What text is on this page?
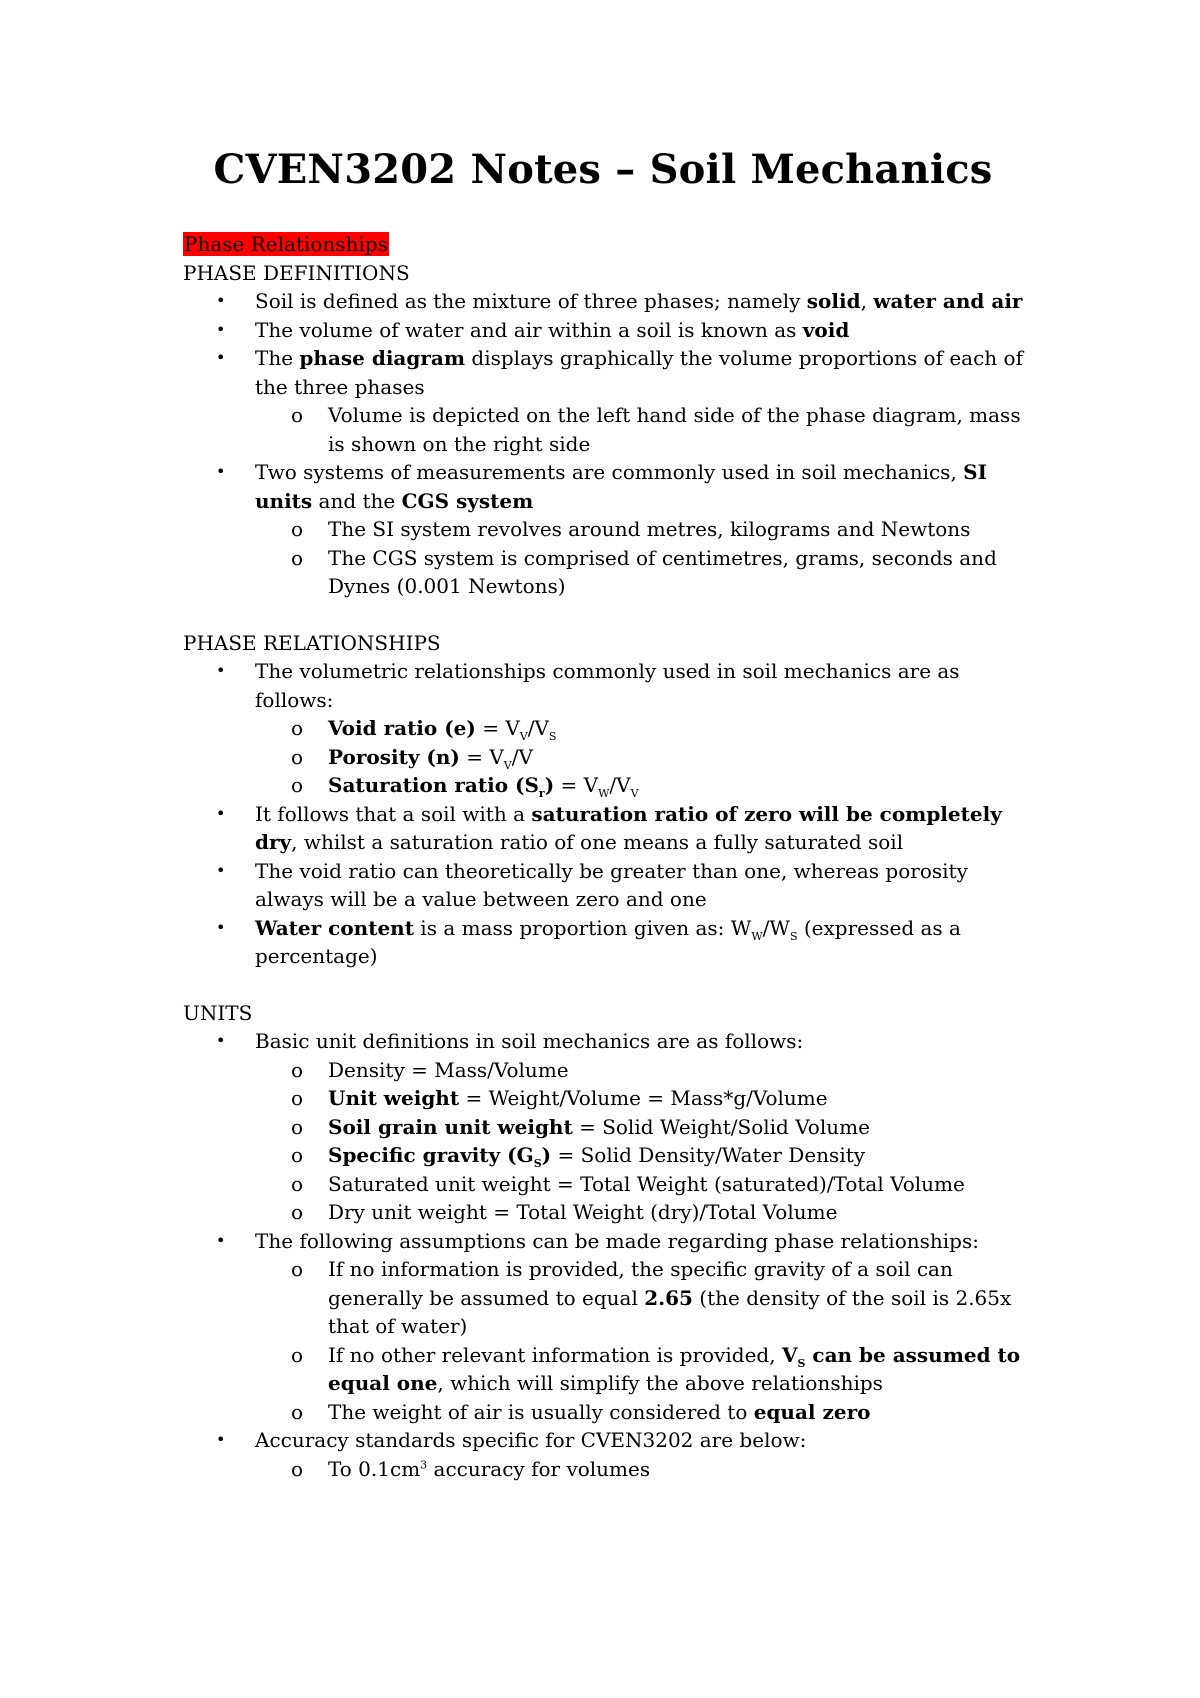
CVEN3202 Notes – Soil Mechanics
Phase Relationships
PHASE DEFINITIONS
• Soil is defined as the mixture of three phases; namely solid, water and air
• The volume of water and air within a soil is known as void
• The phase diagram displays graphically the volume proportions of each of the three phases
o Volume is depicted on the left hand side of the phase diagram, mass is shown on the right side
• Two systems of measurements are commonly used in soil mechanics, SI units and the CGS system
o The SI system revolves around metres, kilograms and Newtons
o The CGS system is comprised of centimetres, grams, seconds and Dynes (0.001 Newtons)
PHASE RELATIONSHIPS
• The volumetric relationships commonly used in soil mechanics are as follows:
o Void ratio $(e) = V_V/V_S$
o Porosity $(n) = V_V/V$
o Saturation ratio $(S_r) = V_W/V_V$
• It follows that a soil with a saturation ratio of zero will be completely dry, whilst a saturation ratio of one means a fully saturated soil
• The void ratio can theoretically be greater than one, whereas porosity always will be a value between zero and one
• Water content is a mass proportion given as: $W_W/W_S$ (expressed as a percentage)
UNITS
• Basic unit definitions in soil mechanics are as follows:
o Density = Mass/Volume
o Unit weight = Weight/Volume = Mass*g/Volume
o Soil grain unit weight = Solid Weight/Solid Volume
o Specific gravity $(G_S)$ = Solid Density/Water Density
o Saturated unit weight = Total Weight (saturated)/Total Volume
o Dry unit weight = Total Weight (dry)/Total Volume
• The following assumptions can be made regarding phase relationships:
o If no information is provided, the specific gravity of a soil can generally be assumed to equal 2.65 (the density of the soil is 2.65x that of water)
o If no other relevant information is provided, $V_S$ can be assumed to equal one, which will simplify the above relationships
o The weight of air is usually considered to equal zero
• Accuracy standards specific for CVEN3202 are below:
o To $0.1cm^3$ accuracy for volumes
